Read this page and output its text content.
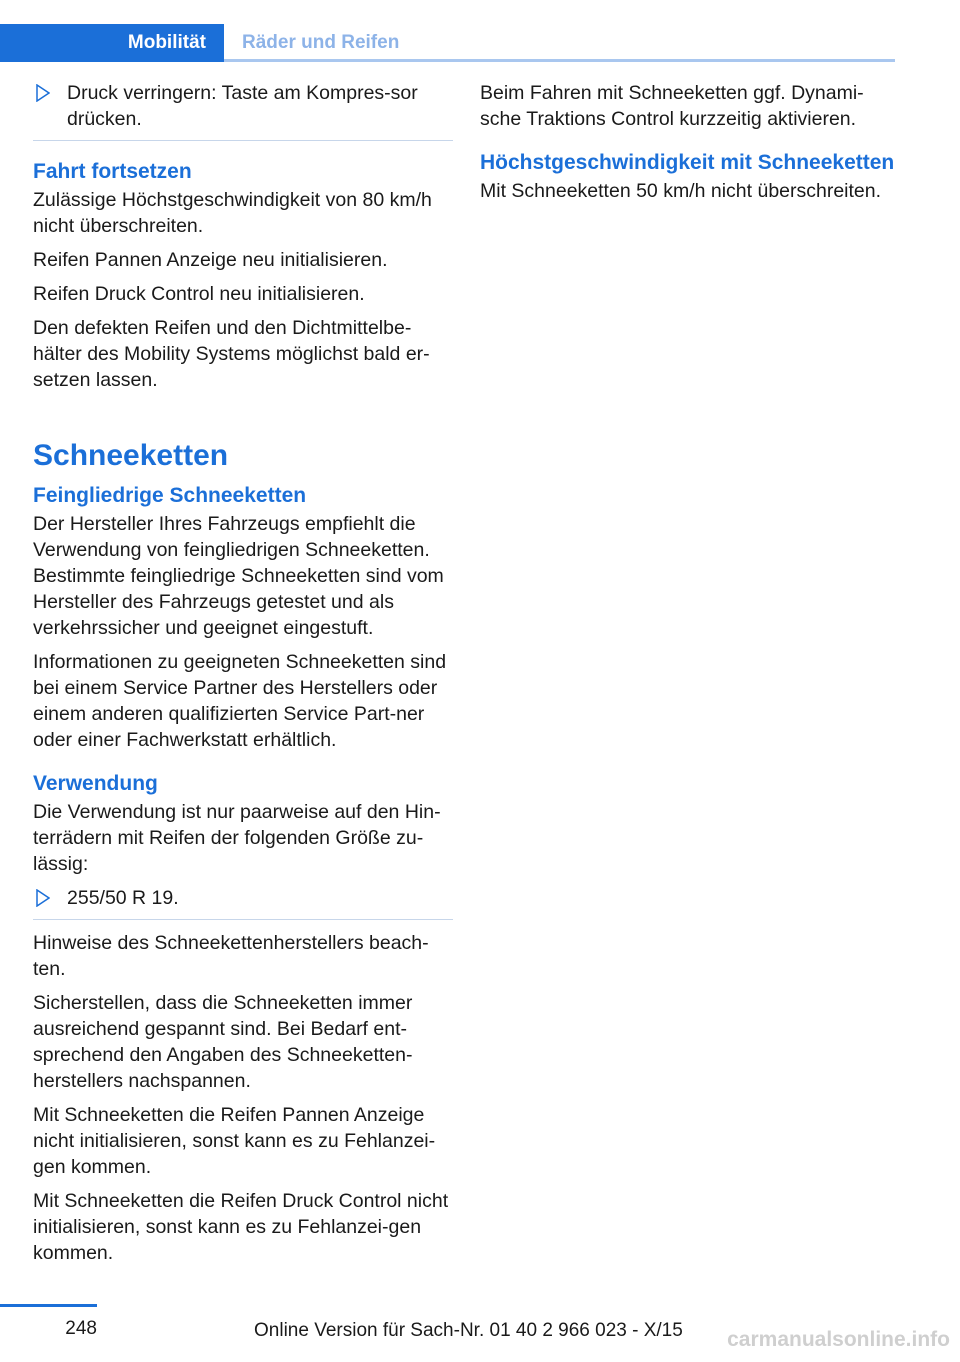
Mobilität	Räder und Reifen
Druck verringern: Taste am Kompres‐sor drücken.
Fahrt fortsetzen

Zulässige Höchstgeschwindigkeit von 80 km/h nicht überschreiten.

Reifen Pannen Anzeige neu initialisieren.

Reifen Druck Control neu initialisieren.

Den defekten Reifen und den Dichtmittelbe‐hälter des Mobility Systems möglichst bald er‐setzen lassen.

Schneeketten
Feingliedrige Schneeketten

Der Hersteller Ihres Fahrzeugs empfiehlt die Verwendung von feingliedrigen Schneeketten. Bestimmte feingliedrige Schneeketten sind vom Hersteller des Fahrzeugs getestet und als verkehrssicher und geeignet eingestuft.

Informationen zu geeigneten Schneeketten sind bei einem Service Partner des Herstellers oder einem anderen qualifizierten Service Part‐ner oder einer Fachwerkstatt erhältlich.

Verwendung

Die Verwendung ist nur paarweise auf den Hin‐terrädern mit Reifen der folgenden Größe zu‐lässig:

255/50 R 19.

Hinweise des Schneekettenherstellers beach‐ten.

Sicherstellen, dass die Schneeketten immer ausreichend gespannt sind. Bei Bedarf ent‐sprechend den Angaben des Schneeketten‐herstellers nachspannen.

Mit Schneeketten die Reifen Pannen Anzeige nicht initialisieren, sonst kann es zu Fehlanzei‐gen kommen.

Mit Schneeketten die Reifen Druck Control nicht initialisieren, sonst kann es zu Fehlanzei‐gen kommen.

Beim Fahren mit Schneeketten ggf. Dynami‐sche Traktions Control kurzzeitig aktivieren.

Höchstgeschwindigkeit mit Schneeketten

Mit Schneeketten 50 km/h nicht überschreiten.

248	Online Version für Sach-Nr. 01 40 2 966 023 - X/15 carmanualsonline.info
